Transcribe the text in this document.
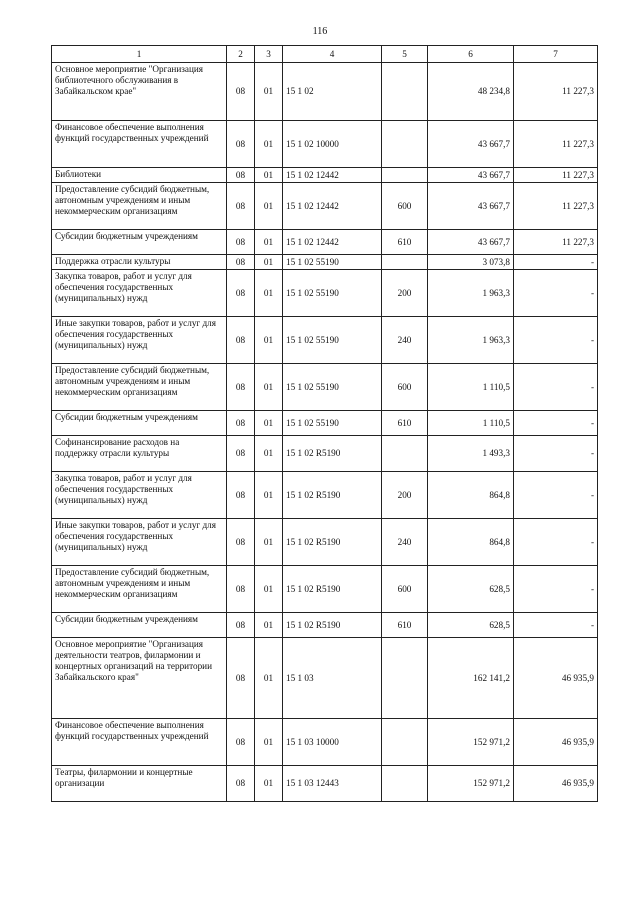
116
1	2	3	4	5	6	7
Основное мероприятие "Организация библиотечного обслуживания в Забайкальском крае"	08	01	15 1 02		48 234,8	11 227,3
Финансовое обеспечение выполнения функций государственных учреждений	08	01	15 1 02 10000		43 667,7	11 227,3
Библиотеки	08	01	15 1 02 12442		43 667,7	11 227,3
Предоставление субсидий бюджетным, автономным учреждениям и иным некоммерческим организациям	08	01	15 1 02 12442	600	43 667,7	11 227,3
Субсидии бюджетным учреждениям	08	01	15 1 02 12442	610	43 667,7	11 227,3
Поддержка отрасли культуры	08	01	15 1 02 55190		3 073,8	-
Закупка товаров, работ и услуг для обеспечения государственных (муниципальных) нужд	08	01	15 1 02 55190	200	1 963,3	-
Иные закупки товаров, работ и услуг для обеспечения государственных (муниципальных) нужд	08	01	15 1 02 55190	240	1 963,3	-
Предоставление субсидий бюджетным, автономным учреждениям и иным некоммерческим организациям	08	01	15 1 02 55190	600	1 110,5	-
Субсидии бюджетным учреждениям	08	01	15 1 02 55190	610	1 110,5	-
Софинансирование расходов на поддержку отрасли культуры	08	01	15 1 02 R5190		1 493,3	-
Закупка товаров, работ и услуг для обеспечения государственных (муниципальных) нужд	08	01	15 1 02 R5190	200	864,8	-
Иные закупки товаров, работ и услуг для обеспечения государственных (муниципальных) нужд	08	01	15 1 02 R5190	240	864,8	-
Предоставление субсидий бюджетным, автономным учреждениям и иным некоммерческим организациям	08	01	15 1 02 R5190	600	628,5	-
Субсидии бюджетным учреждениям	08	01	15 1 02 R5190	610	628,5	-
Основное мероприятие "Организация деятельности театров, филармонии и концертных организаций на территории Забайкальского края"	08	01	15 1 03		162 141,2	46 935,9
Финансовое обеспечение выполнения функций государственных учреждений	08	01	15 1 03 10000		152 971,2	46 935,9
Театры, филармонии и концертные организации	08	01	15 1 03 12443		152 971,2	46 935,9
